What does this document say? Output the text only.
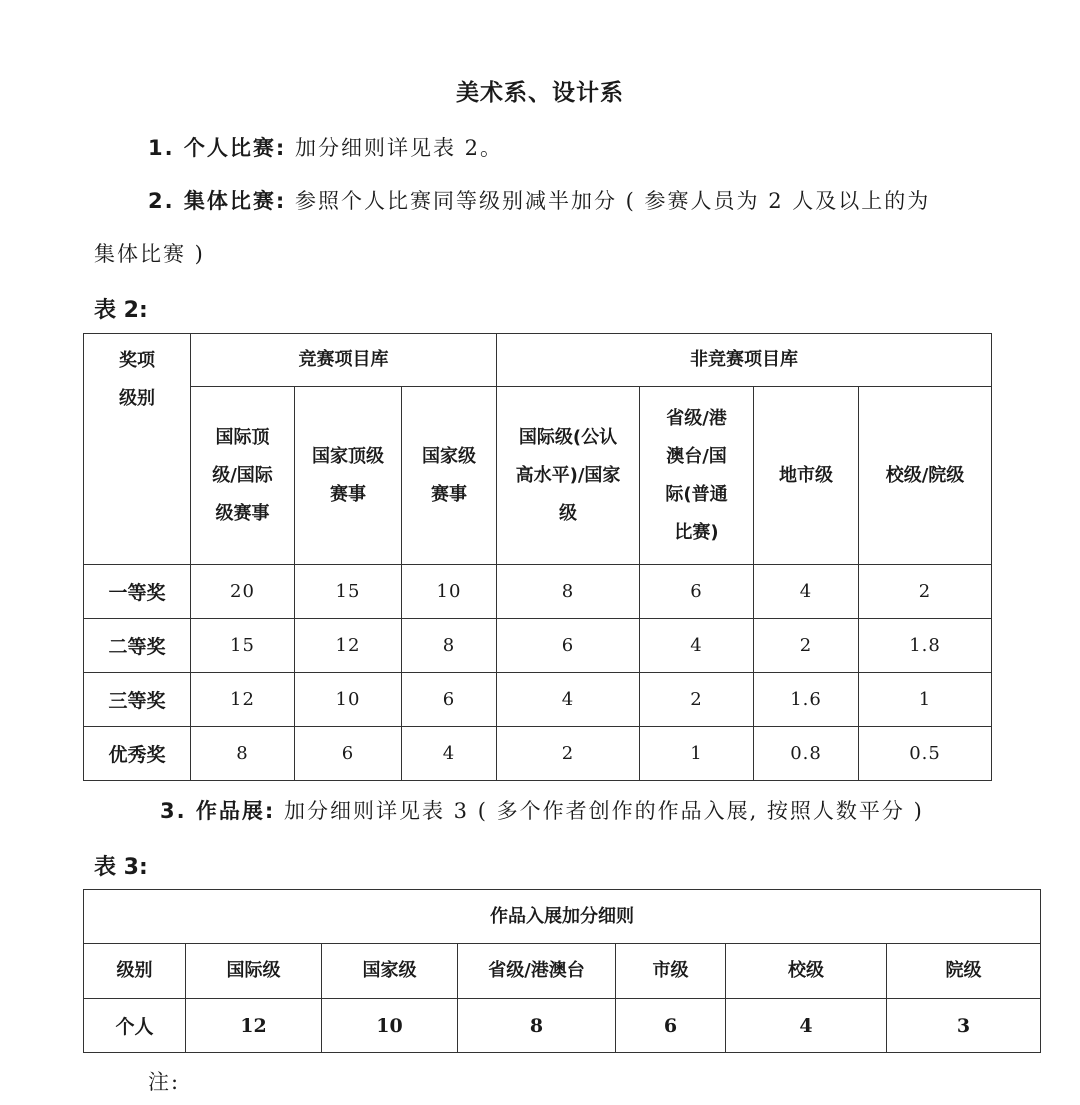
美术系、设计系
1. 个人比赛: 加分细则详见表 2。
2. 集体比赛: 参照个人比赛同等级别减半加分 ( 参赛人员为 2 人及以上的为
集体比赛 )
表 2:
奖项级别	竞赛项目库			非竞赛项目库			

	国际顶级/国际级赛事	国家顶级赛事	国家级赛事	国际级(公认高水平)/国家级	省级/港澳台/国际(普通比赛)	地市级	校级/院级
一等奖	20	15	10	8	6	4	2
二等奖	15	12	8	6	4	2	1.8
三等奖	12	10	6	4	2	1.6	1
优秀奖	8	6	4	2	1	0.8	0.5
3. 作品展: 加分细则详见表 3 ( 多个作者创作的作品入展, 按照人数平分 )
表 3:
作品入展加分细则						
级别	国际级	国家级	省级/港澳台	市级	校级	院级
个人	12	10	8	6	4	3
注:
